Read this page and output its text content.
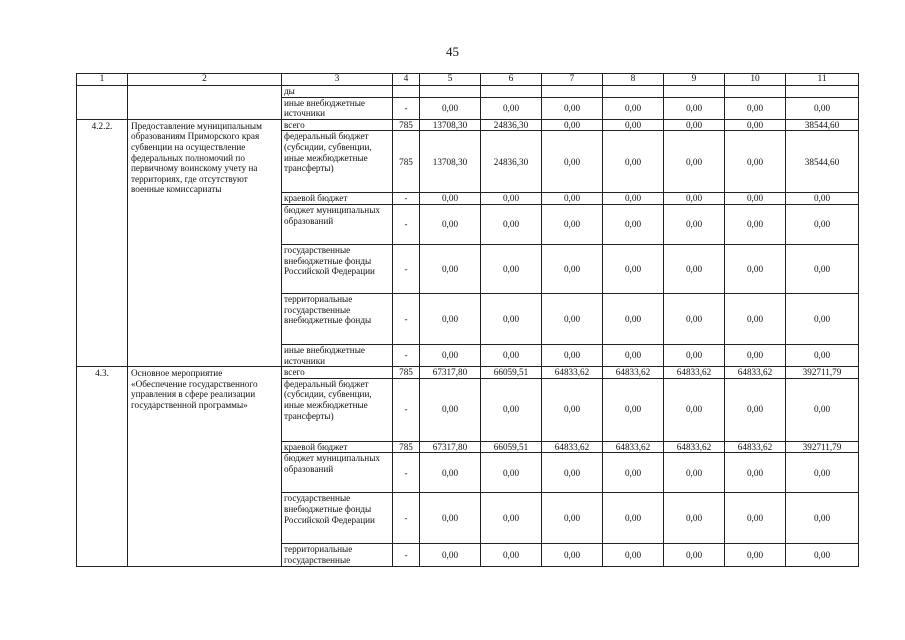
45
1	2	3	4	5	6	7	8	9	10	11
		ды								
		иные внебюджетные источники	-	0,00	0,00	0,00	0,00	0,00	0,00	0,00
4.2.2.	Предоставление муниципальным образованиям Приморского края субвенции на осуществление федеральных полномочий по первичному воинскому учету на территориях, где отсутствуют военные комиссариаты	всего	785	13708,30	24836,30	0,00	0,00	0,00	0,00	38544,60
		федеральный бюджет (субсидии, субвенции, иные межбюджетные трансферты)	785	13708,30	24836,30	0,00	0,00	0,00	0,00	38544,60
		краевой бюджет	-	0,00	0,00	0,00	0,00	0,00	0,00	0,00
		бюджет муниципальных образований	-	0,00	0,00	0,00	0,00	0,00	0,00	0,00
		государственные внебюджетные фонды Российской Федерации	-	0,00	0,00	0,00	0,00	0,00	0,00	0,00
		территориальные государственные внебюджетные фонды	-	0,00	0,00	0,00	0,00	0,00	0,00	0,00
		иные внебюджетные источники	-	0,00	0,00	0,00	0,00	0,00	0,00	0,00
4.3.	Основное мероприятие «Обеспечение государственного управления в сфере реализации государственной программы»	всего	785	67317,80	66059,51	64833,62	64833,62	64833,62	64833,62	392711,79
		федеральный бюджет (субсидии, субвенции, иные межбюджетные трансферты)	-	0,00	0,00	0,00	0,00	0,00	0,00	0,00
		краевой бюджет	785	67317,80	66059,51	64833,62	64833,62	64833,62	64833,62	392711,79
		бюджет муниципальных образований	-	0,00	0,00	0,00	0,00	0,00	0,00	0,00
		государственные внебюджетные фонды Российской Федерации	-	0,00	0,00	0,00	0,00	0,00	0,00	0,00
		территориальные государственные	-	0,00	0,00	0,00	0,00	0,00	0,00	0,00
